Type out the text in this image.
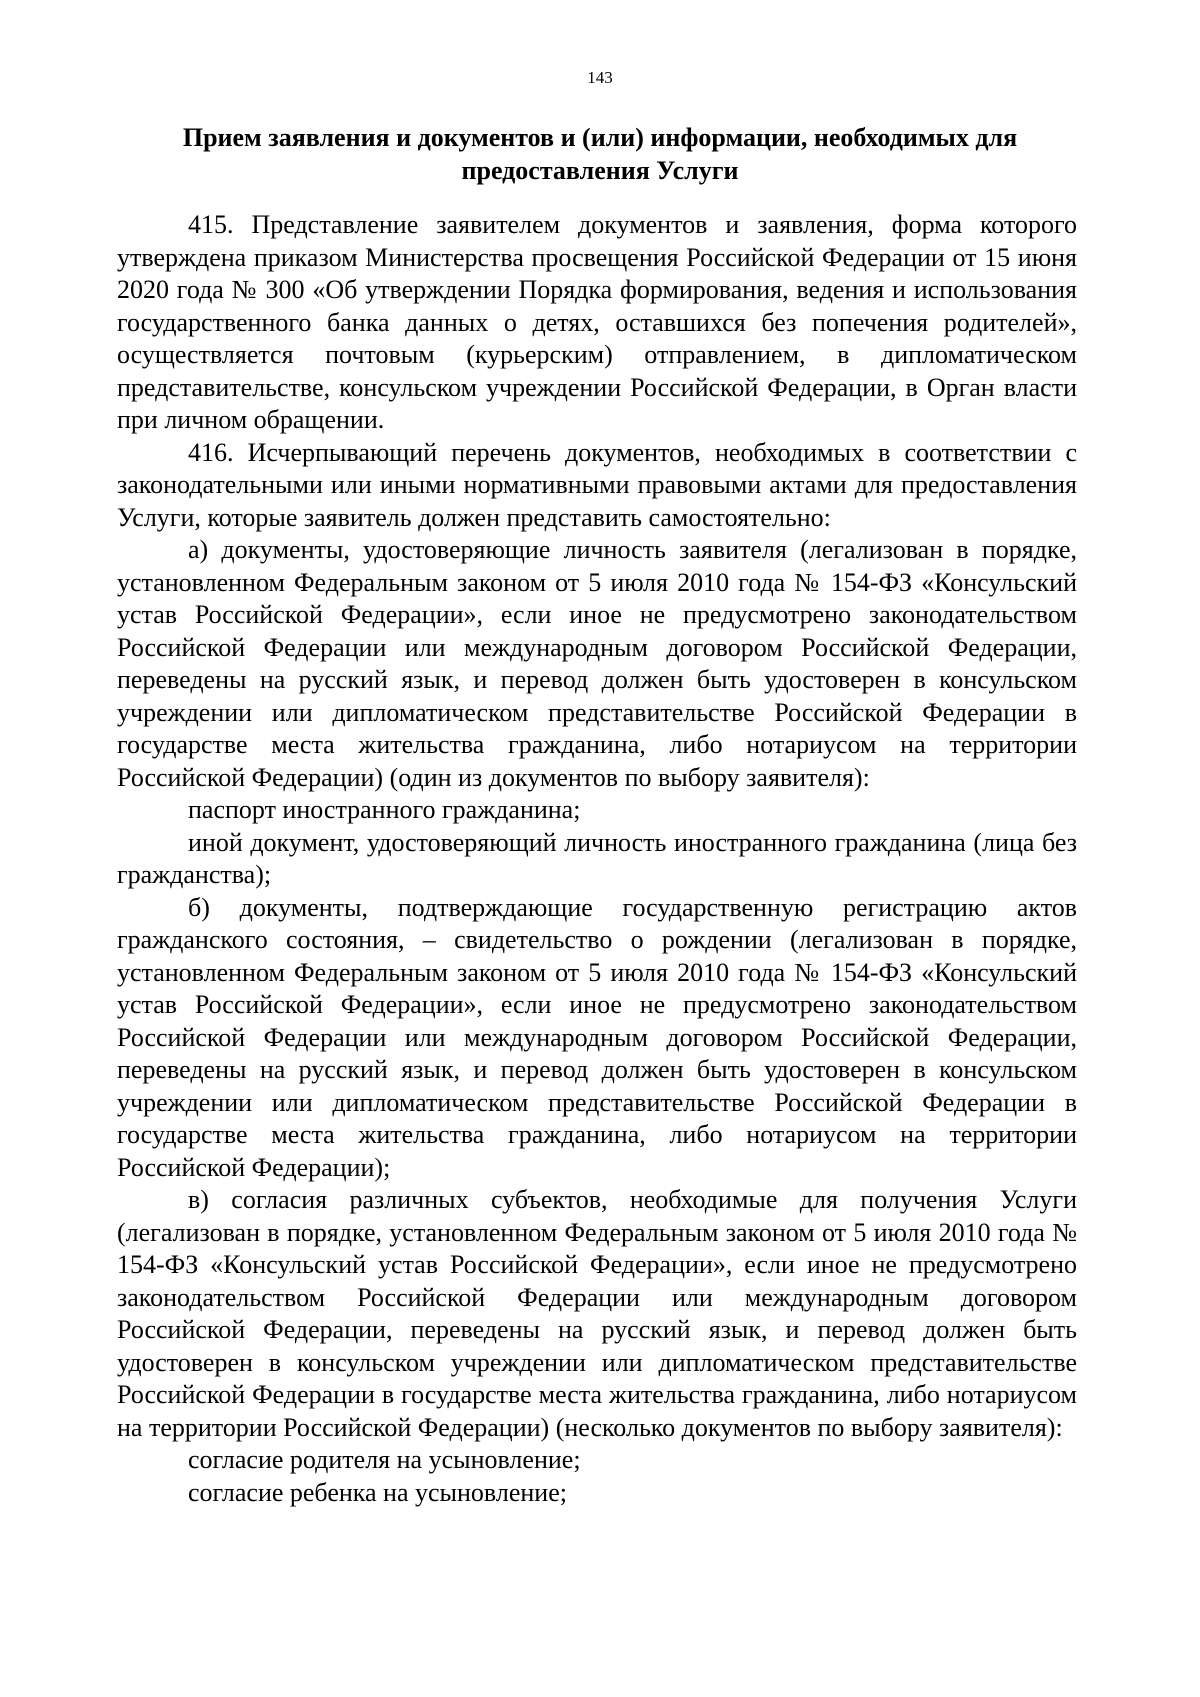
143
Прием заявления и документов и (или) информации, необходимых для предоставления Услуги

415. Представление заявителем документов и заявления, форма которого утверждена приказом Министерства просвещения Российской Федерации от 15 июня 2020 года № 300 «Об утверждении Порядка формирования, ведения и использования государственного банка данных о детях, оставшихся без попечения родителей», осуществляется почтовым (курьерским) отправлением, в дипломатическом представительстве, консульском учреждении Российской Федерации, в Орган власти при личном обращении.

416. Исчерпывающий перечень документов, необходимых в соответствии с законодательными или иными нормативными правовыми актами для предоставления Услуги, которые заявитель должен представить самостоятельно:

а) документы, удостоверяющие личность заявителя (легализован в порядке, установленном Федеральным законом от 5 июля 2010 года № 154-ФЗ «Консульский устав Российской Федерации», если иное не предусмотрено законодательством Российской Федерации или международным договором Российской Федерации, переведены на русский язык, и перевод должен быть удостоверен в консульском учреждении или дипломатическом представительстве Российской Федерации в государстве места жительства гражданина, либо нотариусом на территории Российской Федерации) (один из документов по выбору заявителя):

паспорт иностранного гражданина;

иной документ, удостоверяющий личность иностранного гражданина (лица без гражданства);

б) документы, подтверждающие государственную регистрацию актов гражданского состояния, – свидетельство о рождении (легализован в порядке, установленном Федеральным законом от 5 июля 2010 года № 154-ФЗ «Консульский устав Российской Федерации», если иное не предусмотрено законодательством Российской Федерации или международным договором Российской Федерации, переведены на русский язык, и перевод должен быть удостоверен в консульском учреждении или дипломатическом представительстве Российской Федерации в государстве места жительства гражданина, либо нотариусом на территории Российской Федерации);

в) согласия различных субъектов, необходимые для получения Услуги (легализован в порядке, установленном Федеральным законом от 5 июля 2010 года № 154-ФЗ «Консульский устав Российской Федерации», если иное не предусмотрено законодательством Российской Федерации или международным договором Российской Федерации, переведены на русский язык, и перевод должен быть удостоверен в консульском учреждении или дипломатическом представительстве Российской Федерации в государстве места жительства гражданина, либо нотариусом на территории Российской Федерации) (несколько документов по выбору заявителя):

согласие родителя на усыновление;

согласие ребенка на усыновление;
